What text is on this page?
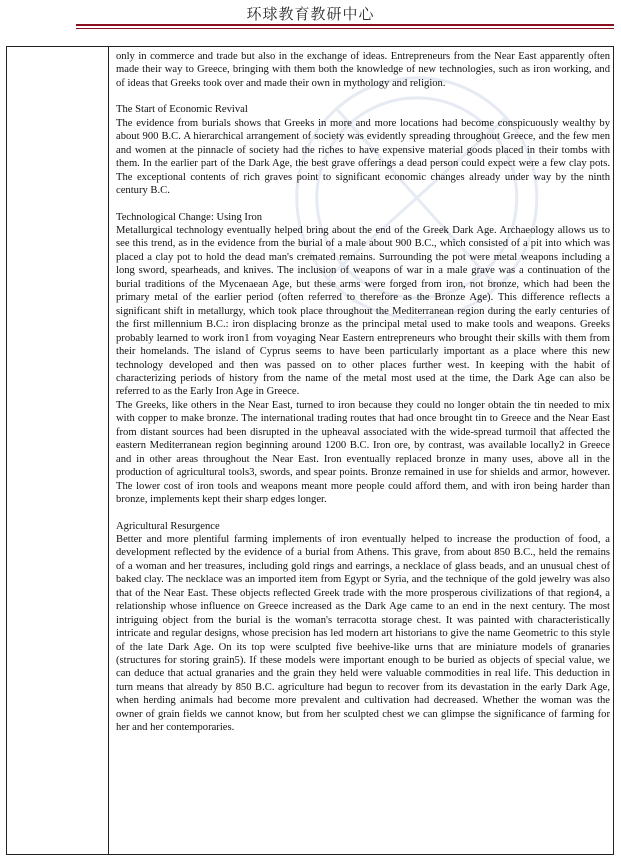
环球教育教研中心

only in commerce and trade but also in the exchange of ideas. Entrepreneurs from the Near East apparently often made their way to Greece, bringing with them both the knowledge of new technologies, such as iron working, and of ideas that Greeks took over and made their own in mythology and religion.

The Start of Economic Revival

The evidence from burials shows that Greeks in more and more locations had become conspicuously wealthy by about 900 B.C. A hierarchical arrangement of society was evidently spreading throughout Greece, and the few men and women at the pinnacle of society had the riches to have expensive material goods placed in their tombs with them. In the earlier part of the Dark Age, the best grave offerings a dead person could expect were a few clay pots. The exceptional contents of rich graves point to significant economic changes already under way by the ninth century B.C.

Technological Change: Using Iron

Metallurgical technology eventually helped bring about the end of the Greek Dark Age. Archaeology allows us to see this trend, as in the evidence from the burial of a male about 900 B.C., which consisted of a pit into which was placed a clay pot to hold the dead man's cremated remains. Surrounding the pot were metal weapons including a long sword, spearheads, and knives. The inclusion of weapons of war in a male grave was a continuation of the burial traditions of the Mycenaean Age, but these arms were forged from iron, not bronze, which had been the primary metal of the earlier period (often referred to therefore as the Bronze Age). This difference reflects a significant shift in metallurgy, which took place throughout the Mediterranean region during the early centuries of the first millennium B.C.: iron displacing bronze as the principal metal used to make tools and weapons. Greeks probably learned to work iron1 from voyaging Near Eastern entrepreneurs who brought their skills with them from their homelands. The island of Cyprus seems to have been particularly important as a place where this new technology developed and then was passed on to other places further west. In keeping with the habit of characterizing periods of history from the name of the metal most used at the time, the Dark Age can also be referred to as the Early Iron Age in Greece.

The Greeks, like others in the Near East, turned to iron because they could no longer obtain the tin needed to mix with copper to make bronze. The international trading routes that had once brought tin to Greece and the Near East from distant sources had been disrupted in the upheaval associated with the wide-spread turmoil that affected the eastern Mediterranean region beginning around 1200 B.C. Iron ore, by contrast, was available locally2 in Greece and in other areas throughout the Near East. Iron eventually replaced bronze in many uses, above all in the production of agricultural tools3, swords, and spear points. Bronze remained in use for shields and armor, however. The lower cost of iron tools and weapons meant more people could afford them, and with iron being harder than bronze, implements kept their sharp edges longer.

Agricultural Resurgence

Better and more plentiful farming implements of iron eventually helped to increase the production of food, a development reflected by the evidence of a burial from Athens. This grave, from about 850 B.C., held the remains of a woman and her treasures, including gold rings and earrings, a necklace of glass beads, and an unusual chest of baked clay. The necklace was an imported item from Egypt or Syria, and the technique of the gold jewelry was also that of the Near East. These objects reflected Greek trade with the more prosperous civilizations of that region4, a relationship whose influence on Greece increased as the Dark Age came to an end in the next century. The most intriguing object from the burial is the woman's terracotta storage chest. It was painted with characteristically intricate and regular designs, whose precision has led modern art historians to give the name Geometric to this style of the late Dark Age. On its top were sculpted five beehive-like urns that are miniature models of granaries (structures for storing grain5). If these models were important enough to be buried as objects of special value, we can deduce that actual granaries and the grain they held were valuable commodities in real life. This deduction in turn means that already by 850 B.C. agriculture had begun to recover from its devastation in the early Dark Age, when herding animals had become more prevalent and cultivation had decreased. Whether the woman was the owner of grain fields we cannot know, but from her sculpted chest we can glimpse the significance of farming for her and her contemporaries.
